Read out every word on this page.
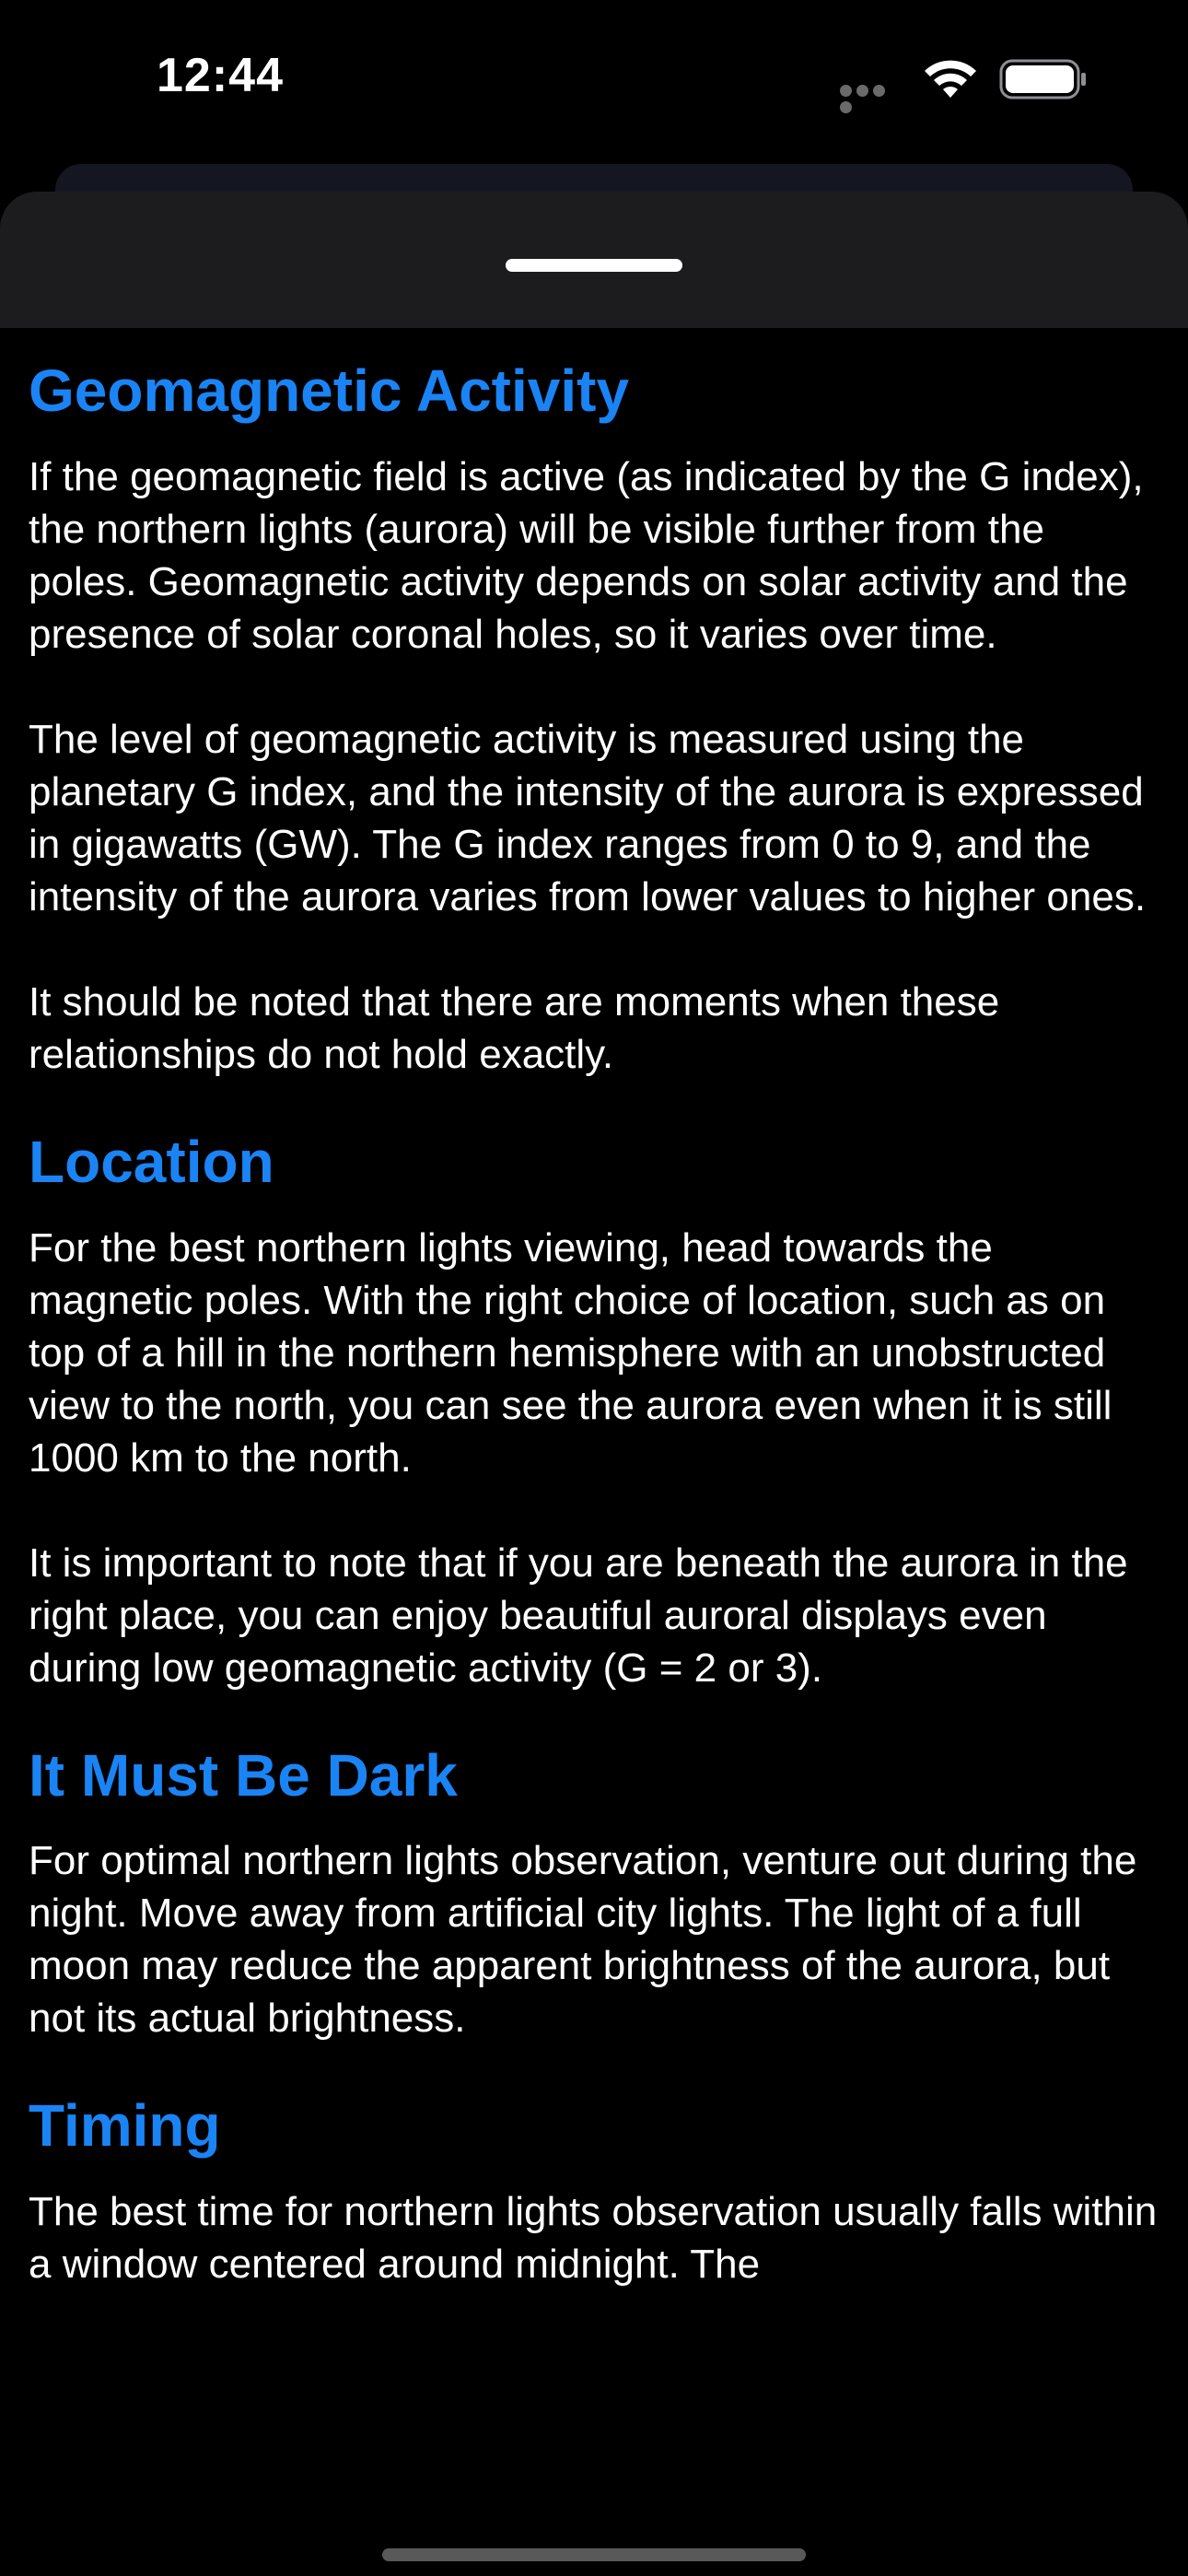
12:44
Geomagnetic Activity

If the geomagnetic field is active (as indicated by the G index), the northern lights (aurora) will be visible further from the poles. Geomagnetic activity depends on solar activity and the presence of solar coronal holes, so it varies over time.

The level of geomagnetic activity is measured using the planetary G index, and the intensity of the aurora is expressed in gigawatts (GW). The G index ranges from 0 to 9, and the intensity of the aurora varies from lower values to higher ones.

It should be noted that there are moments when these relationships do not hold exactly.

Location

For the best northern lights viewing, head towards the magnetic poles. With the right choice of location, such as on top of a hill in the northern hemisphere with an unobstructed view to the north, you can see the aurora even when it is still 1000 km to the north.

It is important to note that if you are beneath the aurora in the right place, you can enjoy beautiful auroral displays even during low geomagnetic activity (G = 2 or 3).

It Must Be Dark

For optimal northern lights observation, venture out during the night. Move away from artificial city lights. The light of a full moon may reduce the apparent brightness of the aurora, but not its actual brightness.

Timing

The best time for northern lights observation usually falls within a window centered around midnight. The
